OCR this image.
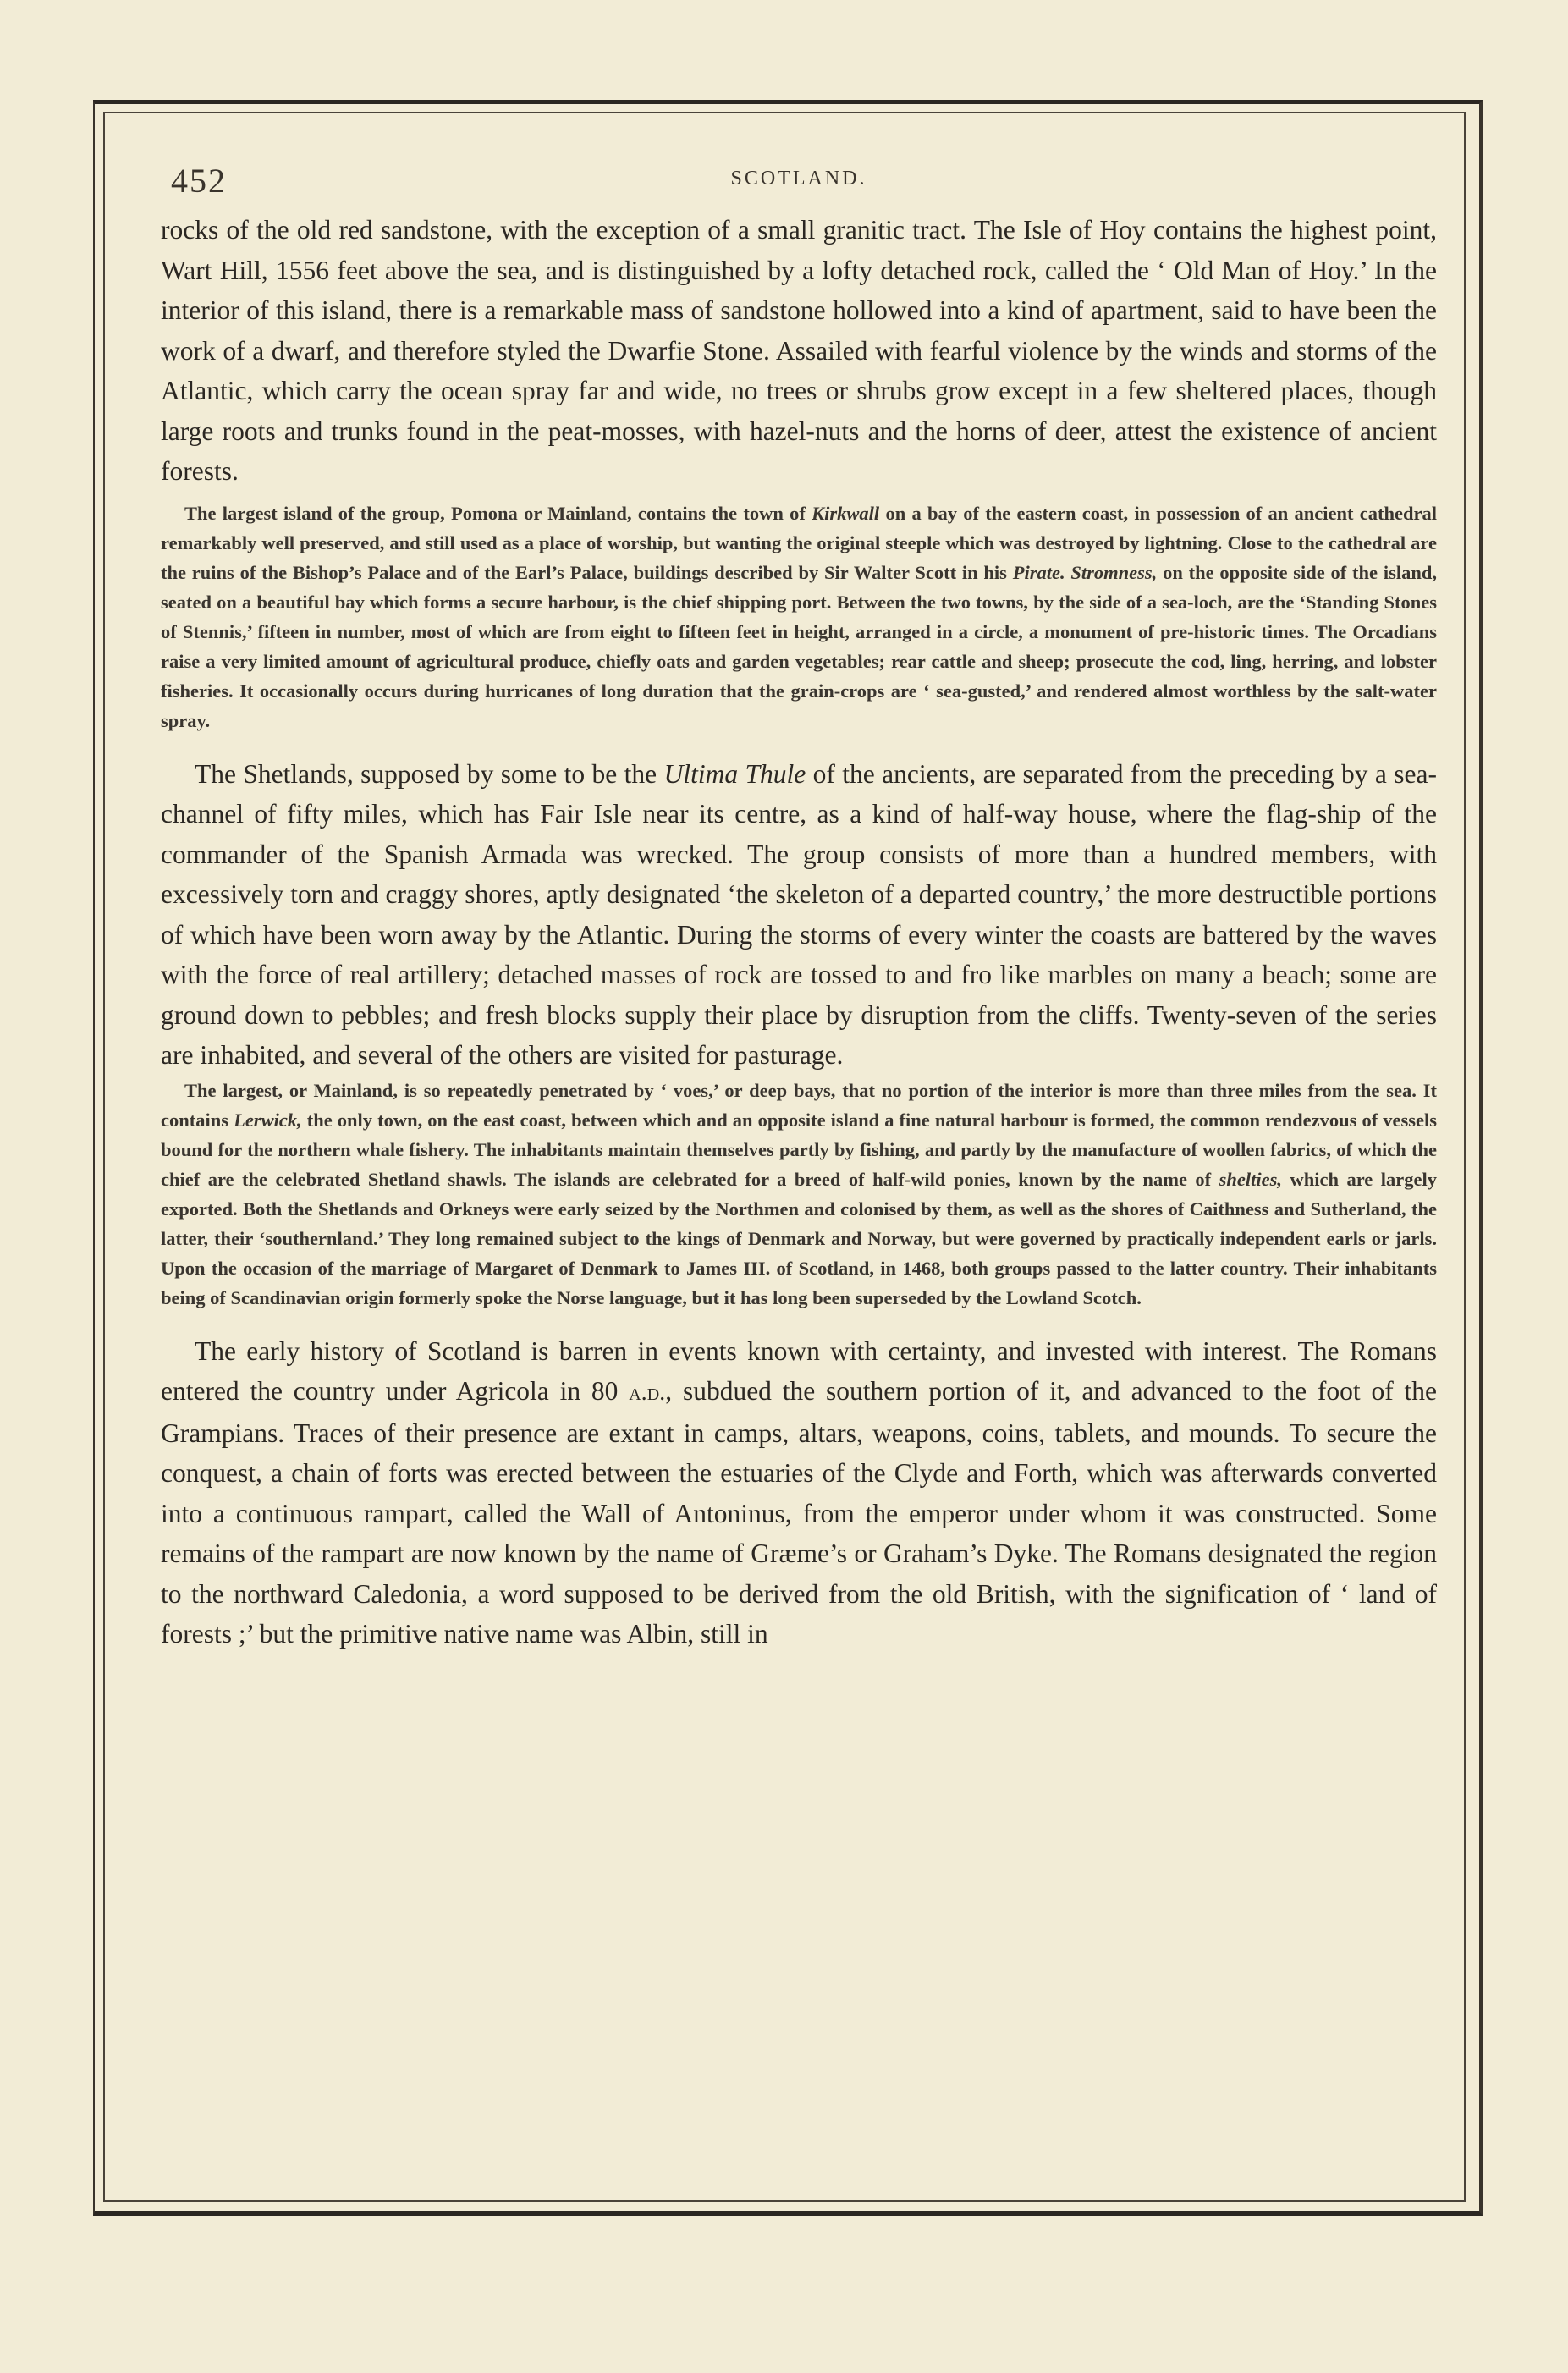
452	SCOTLAND.

rocks of the old red sandstone, with the exception of a small granitic tract. The Isle of Hoy contains the highest point, Wart Hill, 1556 feet above the sea, and is distinguished by a lofty detached rock, called the ‘ Old Man of Hoy.’ In the interior of this island, there is a remarkable mass of sandstone hollowed into a kind of apartment, said to have been the work of a dwarf, and therefore styled the Dwarfie Stone. Assailed with fearful violence by the winds and storms of the Atlantic, which carry the ocean spray far and wide, no trees or shrubs grow except in a few sheltered places, though large roots and trunks found in the peat-mosses, with hazel-nuts and the horns of deer, attest the existence of ancient forests.

The largest island of the group, Pomona or Mainland, contains the town of Kirkwall on a bay of the eastern coast, in possession of an ancient cathedral remarkably well preserved, and still used as a place of worship, but wanting the original steeple which was destroyed by lightning. Close to the cathedral are the ruins of the Bishop’s Palace and of the Earl’s Palace, buildings described by Sir Walter Scott in his Pirate. Stromness, on the opposite side of the island, seated on a beautiful bay which forms a secure harbour, is the chief shipping port. Between the two towns, by the side of a sea-loch, are the ‘Standing Stones of Stennis,’ fifteen in number, most of which are from eight to fifteen feet in height, arranged in a circle, a monument of pre-historic times. The Orcadians raise a very limited amount of agricultural produce, chiefly oats and garden vegetables; rear cattle and sheep; prosecute the cod, ling, herring, and lobster fisheries. It occasionally occurs during hurricanes of long duration that the grain-crops are ‘ sea-gusted,’ and rendered almost worthless by the salt-water spray.

The Shetlands, supposed by some to be the Ultima Thule of the ancients, are separated from the preceding by a sea-channel of fifty miles, which has Fair Isle near its centre, as a kind of half-way house, where the flag-ship of the commander of the Spanish Armada was wrecked. The group consists of more than a hundred members, with excessively torn and craggy shores, aptly designated ‘the skeleton of a departed country,’ the more destructible portions of which have been worn away by the Atlantic. During the storms of every winter the coasts are battered by the waves with the force of real artillery; detached masses of rock are tossed to and fro like marbles on many a beach; some are ground down to pebbles; and fresh blocks supply their place by disruption from the cliffs. Twenty-seven of the series are inhabited, and several of the others are visited for pasturage.

The largest, or Mainland, is so repeatedly penetrated by ‘ voes,’ or deep bays, that no portion of the interior is more than three miles from the sea. It contains Lerwick, the only town, on the east coast, between which and an opposite island a fine natural harbour is formed, the common rendezvous of vessels bound for the northern whale fishery. The inhabitants maintain themselves partly by fishing, and partly by the manufacture of woollen fabrics, of which the chief are the celebrated Shetland shawls. The islands are celebrated for a breed of half-wild ponies, known by the name of shelties, which are largely exported. Both the Shetlands and Orkneys were early seized by the Northmen and colonised by them, as well as the shores of Caithness and Sutherland, the latter, their ‘southernland.’ They long remained subject to the kings of Denmark and Norway, but were governed by practically independent earls or jarls. Upon the occasion of the marriage of Margaret of Denmark to James III. of Scotland, in 1468, both groups passed to the latter country. Their inhabitants being of Scandinavian origin formerly spoke the Norse language, but it has long been superseded by the Lowland Scotch.

The early history of Scotland is barren in events known with certainty, and invested with interest. The Romans entered the country under Agricola in 80 a.d., subdued the southern portion of it, and advanced to the foot of the Grampians. Traces of their presence are extant in camps, altars, weapons, coins, tablets, and mounds. To secure the conquest, a chain of forts was erected between the estuaries of the Clyde and Forth, which was afterwards converted into a continuous rampart, called the Wall of Antoninus, from the emperor under whom it was constructed. Some remains of the rampart are now known by the name of Græme’s or Graham’s Dyke. The Romans designated the region to the northward Caledonia, a word supposed to be derived from the old British, with the signification of ‘ land of forests ;’ but the primitive native name was Albin, still in
